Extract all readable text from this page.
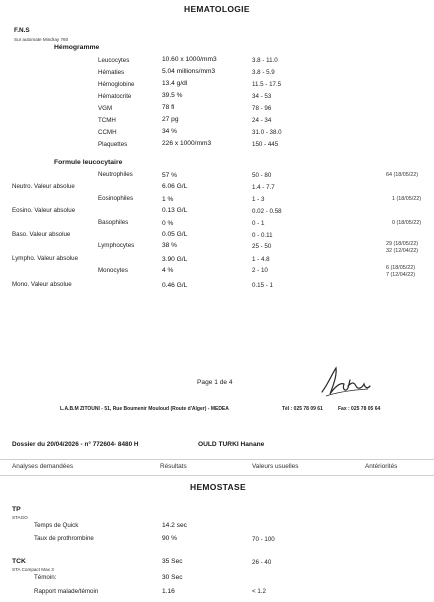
HEMATOLOGIE
F.N.S
Sur automate Mindray 760
Hémogramme
Leucocytes	10.60 x 1000/mm3	3.8 - 11.0
Hématies	5.04 millions/mm3	3.8 - 5.9
Hémoglobine	13.4 g/dl	11.5 - 17.5
Hématocrite	39.5 %	34 - 53
VGM	78 fl	78 - 96
TCMH	27 pg	24 - 34
CCMH	34 %	31.0 - 38.0
Plaquettes	226 x 1000/mm3	150 - 445
Formule leucocytaire
Neutrophiles	57 %	50 - 80	64 (18/05/22)
Neutro. Valeur absolue	6.06 G/L	1.4 - 7.7
Eosinophiles	1 %	1 - 3	1 (18/05/22)
Eosino. Valeur absolue	0.13 G/L	0.02 - 0.58
Basophiles	0 %	0 - 1	0 (18/05/22)
Baso. Valeur absolue	0.05 G/L	0 - 0.11
Lymphocytes	38 %	25 - 50	29 (18/05/22)
32 (12/04/22)
Lympho. Valeur absolue	3.90 G/L	1 - 4.8
Monocytes	4 %	2 - 10	6 (18/05/22)
7 (12/04/22)
Mono. Valeur absolue	0.46 G/L	0.15 - 1
Page 1 de 4
L.A.B.M ZITOUNI - 51, Rue Boumenir Mouloud (Route d'Alger) - MEDEA	Tél : 025 78 09 61	Fax : 025 78 05 64
Dossier du 20/04/2026 - n° 772604- 8480 H	OULD TURKI Hanane
Analyses demandées	Résultats	Valeurs usuelles	Antériorités
HEMOSTASE
TP
STAGO
Temps de Quick	14.2 sec
Taux de prothrombine	90 %	70 - 100
TCK	35 Sec	26 - 40
STA Compact Max 3
Témoin:	30 Sec
Rapport malade/témoin	1.16	< 1.2
